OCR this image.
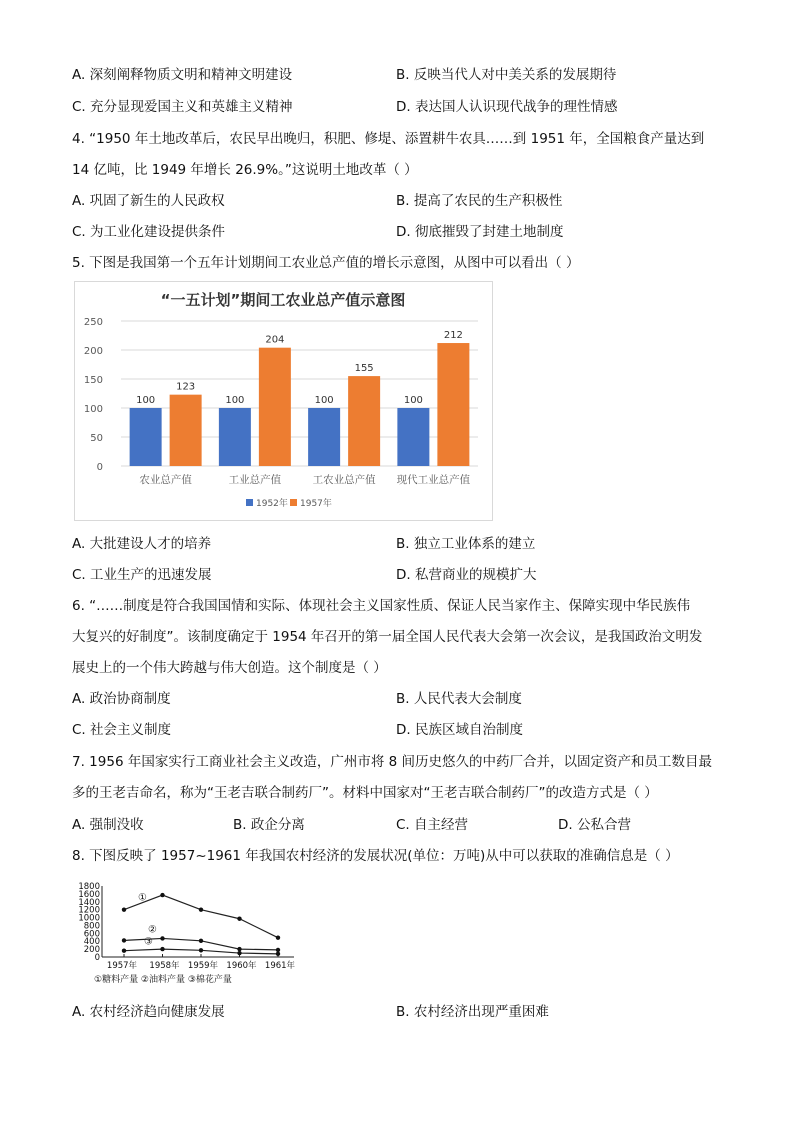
A. 深刻阐释物质文明和精神文明建设	B. 反映当代人对中美关系的发展期待
C. 充分显现爱国主义和英雄主义精神	D. 表达国人认识现代战争的理性情感
4. “1950 年土地改革后，农民早出晚归，积肥、修堤、添置耕牛农具……到 1951 年，全国粮食产量达到
14 亿吨，比 1949 年增长 26.9%。”这说明土地改革（ ）
A. 巩固了新生的人民政权	B. 提高了农民的生产积极性
C. 为工业化建设提供条件	D. 彻底摧毁了封建土地制度
5. 下图是我国第一个五年计划期间工农业总产值的增长示意图，从图中可以看出（ ）
“一五计划”期间工农业总产值示意图
250
200
150
100
50
0
100
123
农业总产值
100
204
工业总产值
100
155
工农业总产值
100
212
现代工业总产值
1952年 1957年
A. 大批建设人才的培养	B. 独立工业体系的建立
C. 工业生产的迅速发展	D. 私营商业的规模扩大
6. “……制度是符合我国国情和实际、体现社会主义国家性质、保证人民当家作主、保障实现中华民族伟
大复兴的好制度”。该制度确定于 1954 年召开的第一届全国人民代表大会第一次会议，是我国政治文明发
展史上的一个伟大跨越与伟大创造。这个制度是（ ）
A. 政治协商制度	B. 人民代表大会制度
C. 社会主义制度	D. 民族区域自治制度
7. 1956 年国家实行工商业社会主义改造，广州市将 8 间历史悠久的中药厂合并，以固定资产和员工数目最
多的王老吉命名，称为“王老吉联合制药厂”。材料中国家对“王老吉联合制药厂”的改造方式是（ ）
A. 强制没收	B. 政企分离	C. 自主经营	D. 公私合营
8. 下图反映了 1957~1961 年我国农村经济的发展状况(单位：万吨)从中可以获取的准确信息是（ ）
1800
1600
1400
1200
1000
800
600
400
200
0
1957年 1958年 1959年 1960年 1961年
①
②
③
①糖料产量 ②油料产量 ③棉花产量
A. 农村经济趋向健康发展	B. 农村经济出现严重困难
